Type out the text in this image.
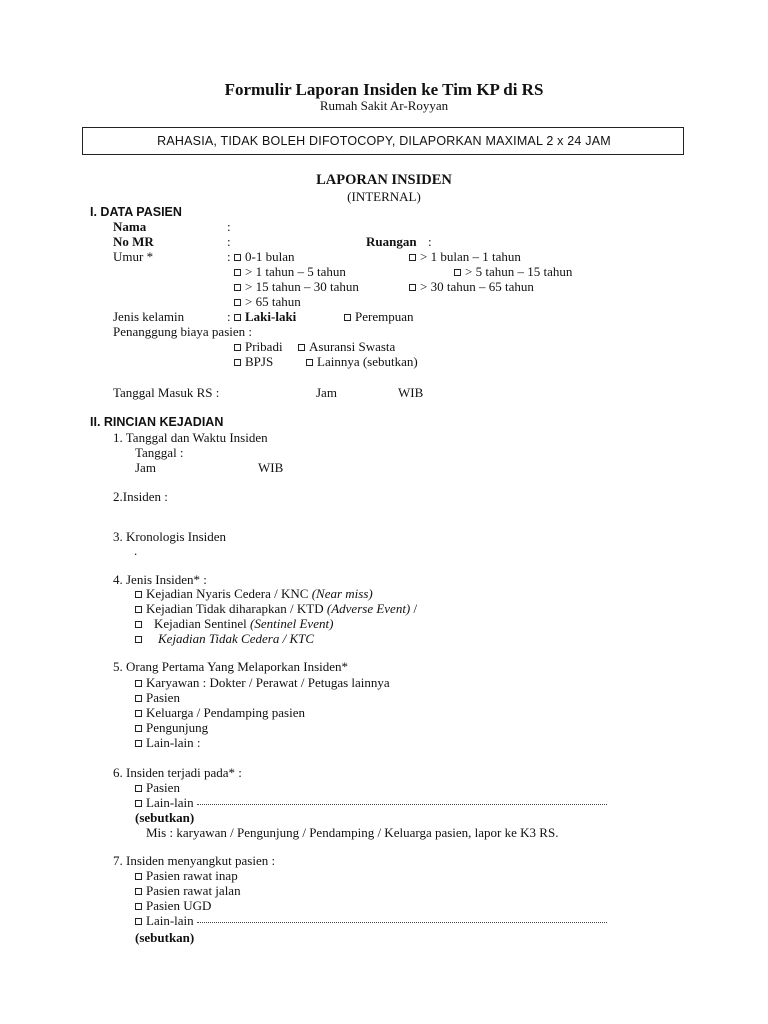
Formulir Laporan Insiden ke Tim KP di RS
Rumah Sakit Ar-Royyan
RAHASIA, TIDAK BOLEH DIFOTOCOPY, DILAPORKAN MAXIMAL 2 x 24 JAM
LAPORAN INSIDEN
(INTERNAL)
I. DATA PASIEN
Nama	:
No MR	:	Ruangan :
Umur *	:	0-1 bulan	> 1 bulan – 1 tahun
> 1 tahun – 5 tahun	> 5 tahun – 15 tahun
> 15 tahun – 30 tahun	> 30 tahun – 65 tahun
> 65 tahun
Jenis kelamin	:	Laki-laki	Perempuan
Penanggung biaya pasien :
Pribadi	Asuransi Swasta
BPJS	Lainnya (sebutkan)
Tanggal Masuk RS :	Jam	WIB
II. RINCIAN KEJADIAN
1. Tanggal dan Waktu Insiden
Tanggal :
Jam	WIB
2.Insiden :
3. Kronologis Insiden
.
4. Jenis Insiden* :
Kejadian Nyaris Cedera / KNC (Near miss)
Kejadian Tidak diharapkan / KTD (Adverse Event) /
Kejadian Sentinel (Sentinel Event)
Kejadian Tidak Cedera / KTC
5. Orang Pertama Yang Melaporkan Insiden*
Karyawan : Dokter / Perawat / Petugas lainnya
Pasien
Keluarga / Pendamping pasien
Pengunjung
Lain-lain :
6. Insiden terjadi pada* :
Pasien
Lain-lain
(sebutkan)
Mis : karyawan / Pengunjung / Pendamping / Keluarga pasien, lapor ke K3 RS.
7. Insiden menyangkut pasien :
Pasien rawat inap
Pasien rawat jalan
Pasien UGD
Lain-lain
(sebutkan)
